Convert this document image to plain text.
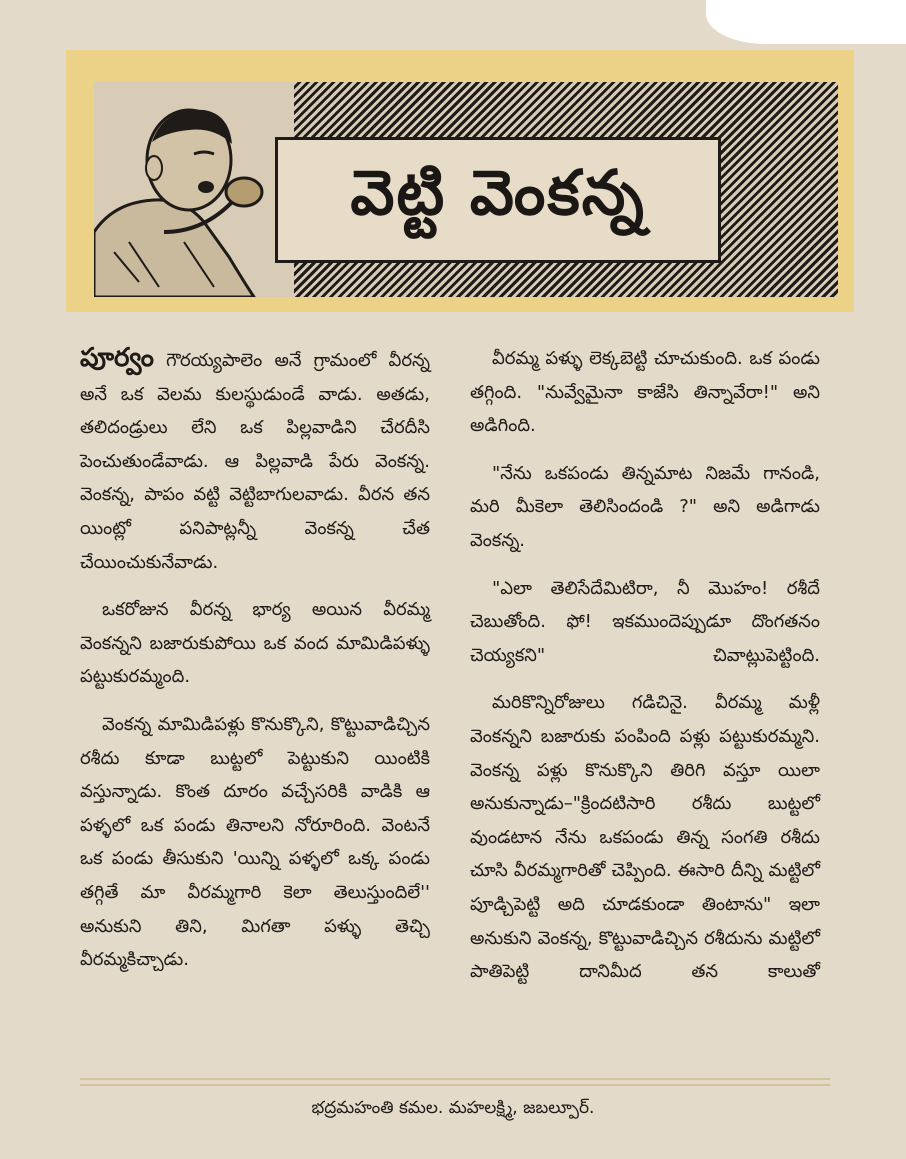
వెట్టి వెంకన్న

పూర్వం గౌరయ్యపాలెం అనే గ్రామంలో వీరన్న అనే ఒక వెలమ కులస్థుడుండే వాడు. అతడు, తలిదండ్రులు లేని ఒక పిల్లవాడిని చేరదీసి పెంచుతుండేవాడు. ఆ పిల్లవాడి పేరు వెంకన్న. వెంకన్న, పాపం వట్టి వెట్టిబాగులవాడు. వీరన తన యింట్లో పనిపాట్లన్నీ వెంకన్న చేత చేయించుకునేవాడు.

ఒకరోజున వీరన్న భార్య అయిన వీరమ్మ వెంకన్నని బజారుకుపోయి ఒక వంద మామిడిపళ్ళు పట్టుకురమ్మంది.

వెంకన్న మామిడిపళ్లు కొనుక్కొని, కొట్టువాడిచ్చిన రశీదు కూడా బుట్టలో పెట్టుకుని యింటికి వస్తున్నాడు. కొంత దూరం వచ్చేసరికి వాడికి ఆ పళ్ళలో ఒక పండు తినాలని నోరూరింది. వెంటనే ఒక పండు తీసుకుని 'యిన్ని పళ్ళలో ఒక్క పండు తగ్గితే మా వీరమ్మగారి కెలా తెలుస్తుందిలే'' అనుకుని తిని, మిగతా పళ్ళు తెచ్చి వీరమ్మకిచ్చాడు.

వీరమ్మ పళ్ళు లెక్కబెట్టి చూచుకుంది. ఒక పండు తగ్గింది. "నువ్వేమైనా కాజేసి తిన్నావేరా!" అని అడిగింది.

"నేను ఒకపండు తిన్నమాట నిజమే గానండి, మరి మీకెలా తెలిసిందండి ?" అని అడిగాడు వెంకన్న.

"ఎలా తెలిసేదేమిటిరా, నీ మొహం! రశీదే చెబుతోంది. ఫో! ఇకముందెప్పుడూ దొంగతనం చెయ్యకని" చివాట్లుపెట్టింది.

మరికొన్నిరోజులు గడిచినై. వీరమ్మ మళ్లీ వెంకన్నని బజారుకు పంపింది పళ్లు పట్టుకురమ్మని. వెంకన్న పళ్లు కొనుక్కొని తిరిగి వస్తూ యిలా అనుకున్నాడు–"క్రిందటిసారి రశీదు బుట్టలో వుండటాన నేను ఒకపండు తిన్న సంగతి రశీదు చూసి వీరమ్మగారితో చెప్పింది. ఈసారి దీన్ని మట్టిలో పూడ్చిపెట్టి అది చూడకుండా తింటాను" ఇలా అనుకుని వెంకన్న, కొట్టువాడిచ్చిన రశీదును మట్టిలో పాతిపెట్టి దానిమీద తన కాలుతో

భద్రమహంతి కమల. మహలక్ష్మి, జబల్పూర్.
